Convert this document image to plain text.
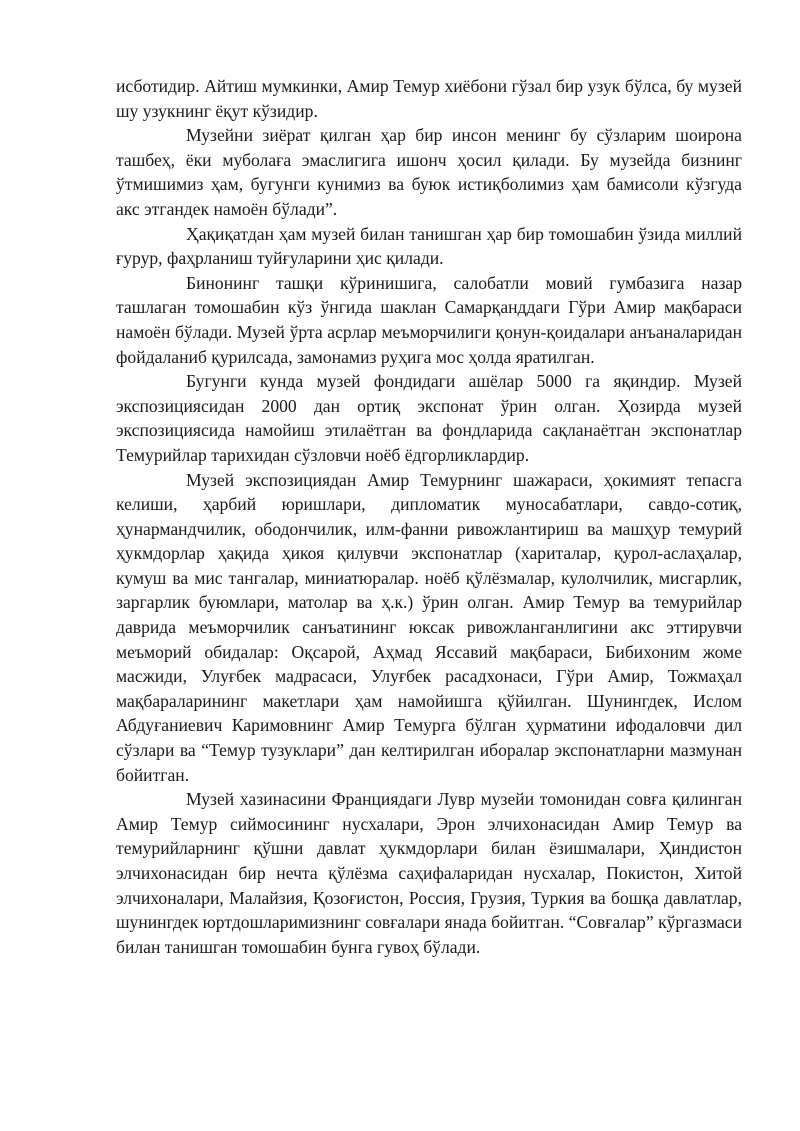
исботидир. Айтиш мумкинки, Амир Темур хиёбони гўзал бир узук бўлса, бу музей шу узукнинг ёқут кўзидир.

Музейни зиёрат қилган ҳар бир инсон менинг бу сўзларим шоирона ташбеҳ, ёки муболаға эмаслигига ишонч ҳосил қилади. Бу музейда бизнинг ўтмишимиз ҳам, бугунги кунимиз ва буюк истиқболимиз ҳам бамисоли кўзгуда акс этгандек намоён бўлади”.

Ҳақиқатдан ҳам музей билан танишган ҳар бир томошабин ўзида миллий ғурур, фаҳрланиш туйғуларини ҳис қилади.

Бинонинг ташқи кўринишига, салобатли мовий гумбазига назар ташлаган томошабин кўз ўнгида шаклан Самарқанддаги Гўри Амир мақбараси намоён бўлади. Музей ўрта асрлар меъморчилиги қонун-қоидалари анъаналаридан фойдаланиб қурилсада, замонамиз руҳига мос ҳолда яратилган.

Бугунги кунда музей фондидаги ашёлар 5000 га яқиндир. Музей экспозициясидан 2000 дан ортиқ экспонат ўрин олган. Ҳозирда музей экспозициясида намойиш этилаётган ва фондларида сақланаётган экспонатлар Темурийлар тарихидан сўзловчи ноёб ёдгорликлардир.

Музей экспозициядан Амир Темурнинг шажараси, ҳокимият тепасга келиши, ҳарбий юришлари, дипломатик муносабатлари, савдо-сотиқ, ҳунармандчилик, ободончилик, илм-фанни ривожлантириш ва машҳур темурий ҳукмдорлар ҳақида ҳикоя қилувчи экспонатлар (хариталар, қурол-аслаҳалар, кумуш ва мис тангалар, миниатюралар. ноёб қўлёзмалар, кулолчилик, мисгарлик, заргарлик буюмлари, матолар ва ҳ.к.) ўрин олган. Амир Темур ва темурийлар даврида меъморчилик санъатининг юксак ривожланганлигини акс эттирувчи меъморий обидалар: Оқсарой, Аҳмад Яссавий мақбараси, Бибихоним жоме масжиди, Улуғбек мадрасаси, Улуғбек расадхонаси, Гўри Амир, Тожмаҳал мақбараларининг макетлари ҳам намойишга қўйилган. Шунингдек, Ислом Абдуғаниевич Каримовнинг Амир Темурга бўлган ҳурматини ифодаловчи дил сўзлари ва “Темур тузуклари” дан келтирилган иборалар экспонатларни мазмунан бойитган.

Музей хазинасини Франциядаги Лувр музейи томонидан совға қилинган Амир Темур сиймосининг нусхалари, Эрон элчихонасидан Амир Темур ва темурийларнинг қўшни давлат ҳукмдорлари билан ёзишмалари, Ҳиндистон элчихонасидан бир нечта қўлёзма саҳифаларидан нусхалар, Покистон, Хитой элчихоналари, Малайзия, Қозоғистон, Россия, Грузия, Туркия ва бошқа давлатлар, шунингдек юртдошларимизнинг совғалари янада бойитган. “Совғалар” кўргазмаси билан танишган томошабин бунга гувоҳ бўлади.
